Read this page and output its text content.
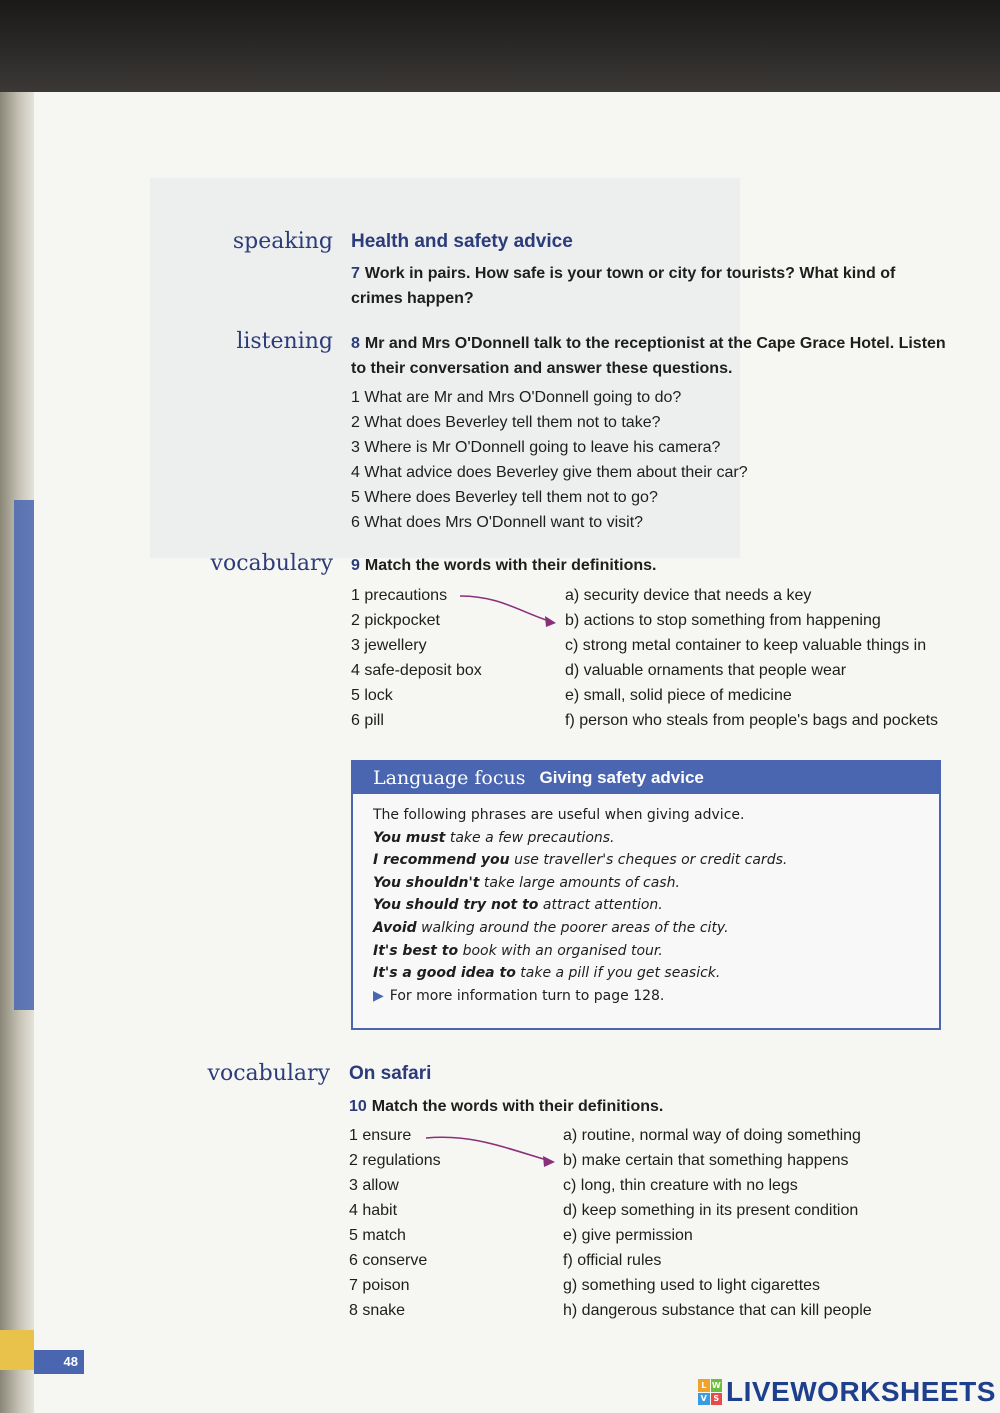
speaking Health and safety advice
7 Work in pairs. How safe is your town or city for tourists? What kind of crimes happen?
listening 8 Mr and Mrs O'Donnell talk to the receptionist at the Cape Grace Hotel. Listen to their conversation and answer these questions.
1 What are Mr and Mrs O'Donnell going to do?
2 What does Beverley tell them not to take?
3 Where is Mr O'Donnell going to leave his camera?
4 What advice does Beverley give them about their car?
5 Where does Beverley tell them not to go?
6 What does Mrs O'Donnell want to visit?
vocabulary 9 Match the words with their definitions.
1 precautions
2 pickpocket
3 jewellery
4 safe-deposit box
5 lock
6 pill
a) security device that needs a key
b) actions to stop something from happening
c) strong metal container to keep valuable things in
d) valuable ornaments that people wear
e) small, solid piece of medicine
f) person who steals from people's bags and pockets
Language focus Giving safety advice
The following phrases are useful when giving advice.
You must take a few precautions.
I recommend you use traveller's cheques or credit cards.
You shouldn't take large amounts of cash.
You should try not to attract attention.
Avoid walking around the poorer areas of the city.
It's best to book with an organised tour.
It's a good idea to take a pill if you get seasick.
▶ For more information turn to page 128.
vocabulary On safari
10 Match the words with their definitions.
1 ensure
2 regulations
3 allow
4 habit
5 match
6 conserve
7 poison
8 snake
a) routine, normal way of doing something
b) make certain that something happens
c) long, thin creature with no legs
d) keep something in its present condition
e) give permission
f) official rules
g) something used to light cigarettes
h) dangerous substance that can kill people
48
L W
V S LIVEWORKSHEETS
